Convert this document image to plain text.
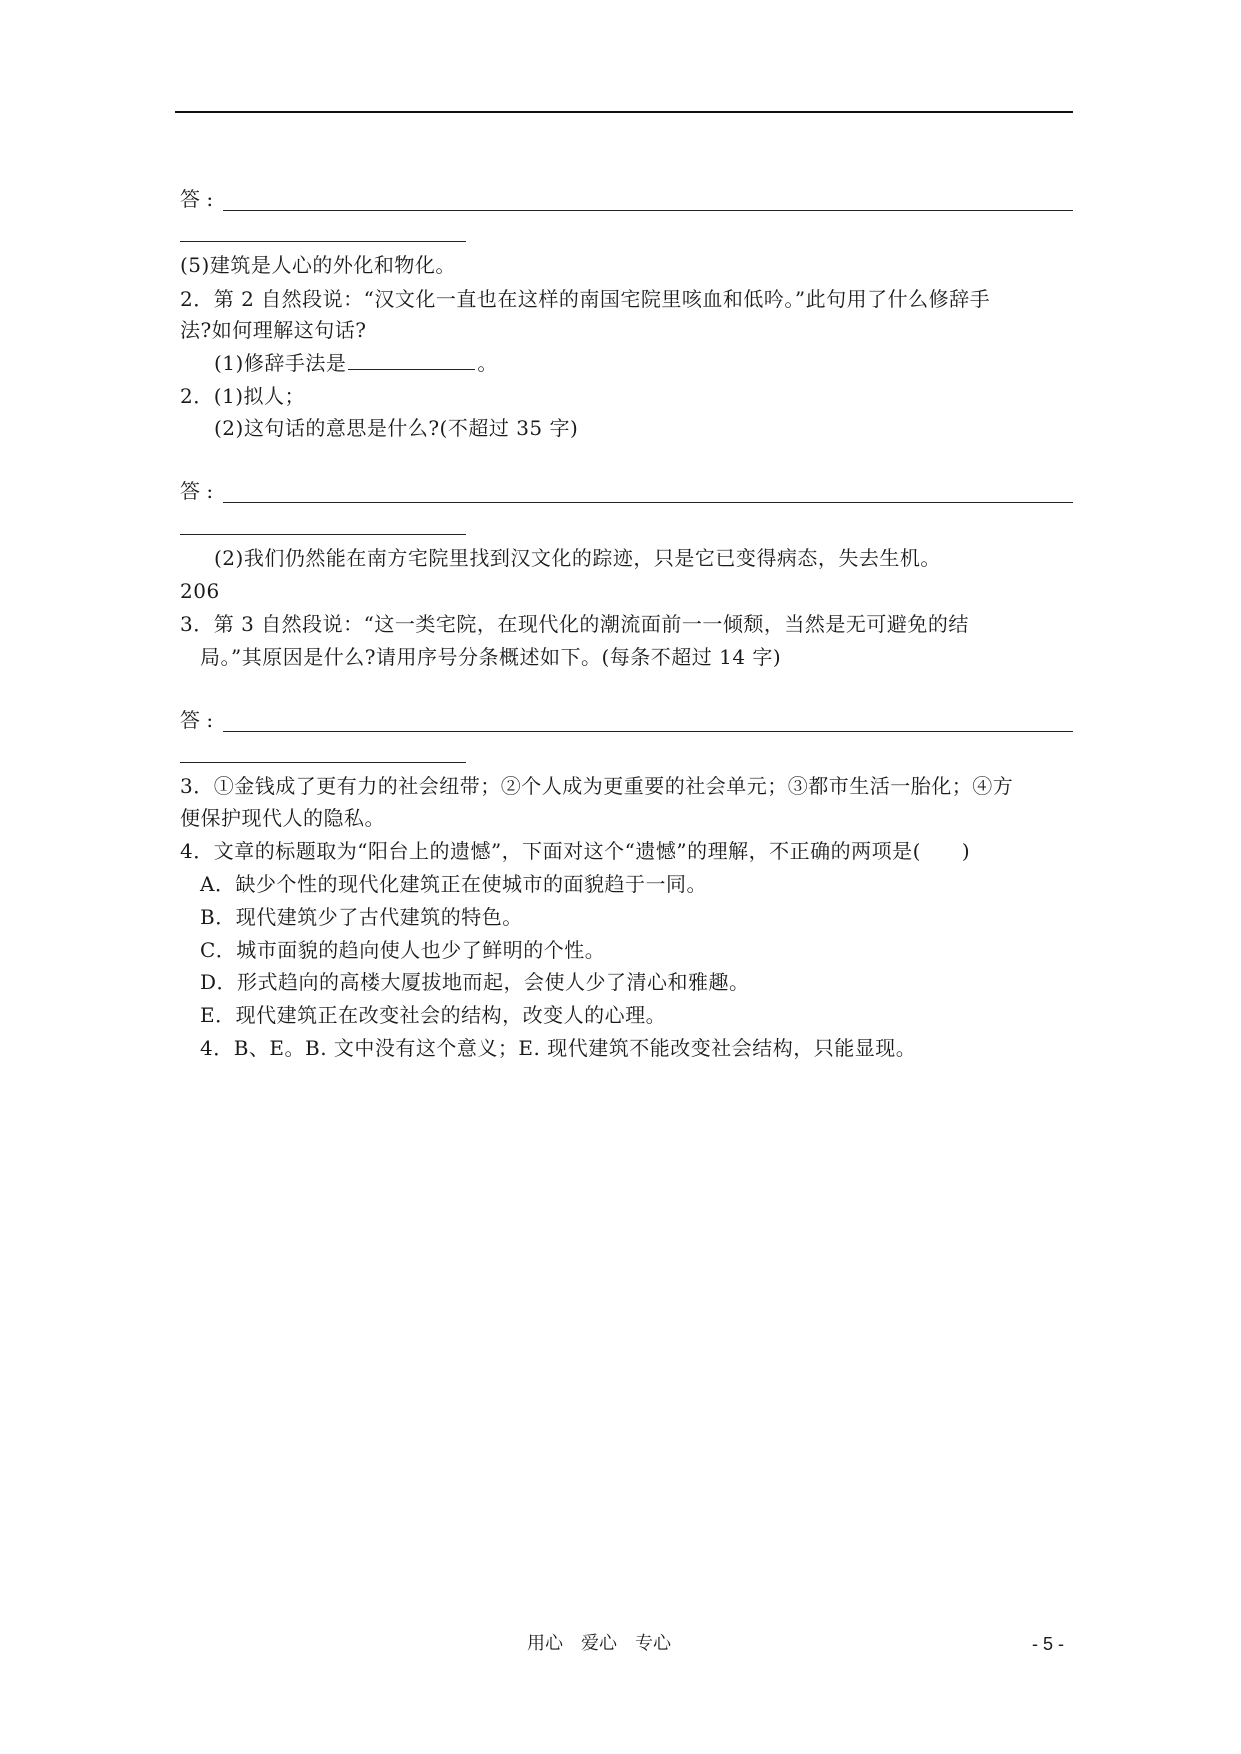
答 :
(5)建筑是人心的外化和物化。
2．第 2 自然段说：“汉文化一直也在这样的南国宅院里咳血和低吟。”此句用了什么修辞手
法?如何理解这句话?
(1)修辞手法是	。
2．(1)拟人；
(2)这句话的意思是什么?(不超过 35 字)
答 :
(2)我们仍然能在南方宅院里找到汉文化的踪迹，只是它已变得病态，失去生机。
206
3．第 3 自然段说：“这一类宅院，在现代化的潮流面前一一倾颓，当然是无可避免的结
局。”其原因是什么?请用序号分条概述如下。(每条不超过 14 字)
答 :
3．①金钱成了更有力的社会纽带；②个人成为更重要的社会单元；③都市生活一胎化；④方
便保护现代人的隐私。
4．文章的标题取为“阳台上的遗憾”，下面对这个“遗憾”的理解，不正确的两项是(　　)
A．缺少个性的现代化建筑正在使城市的面貌趋于一同。
B．现代建筑少了古代建筑的特色。
C．城市面貌的趋向使人也少了鲜明的个性。
D．形式趋向的高楼大厦拔地而起，会使人少了清心和雅趣。
E．现代建筑正在改变社会的结构，改变人的心理。
4．B、E。B. 文中没有这个意义；E. 现代建筑不能改变社会结构，只能显现。
用心　爱心　专心	- 5 -
